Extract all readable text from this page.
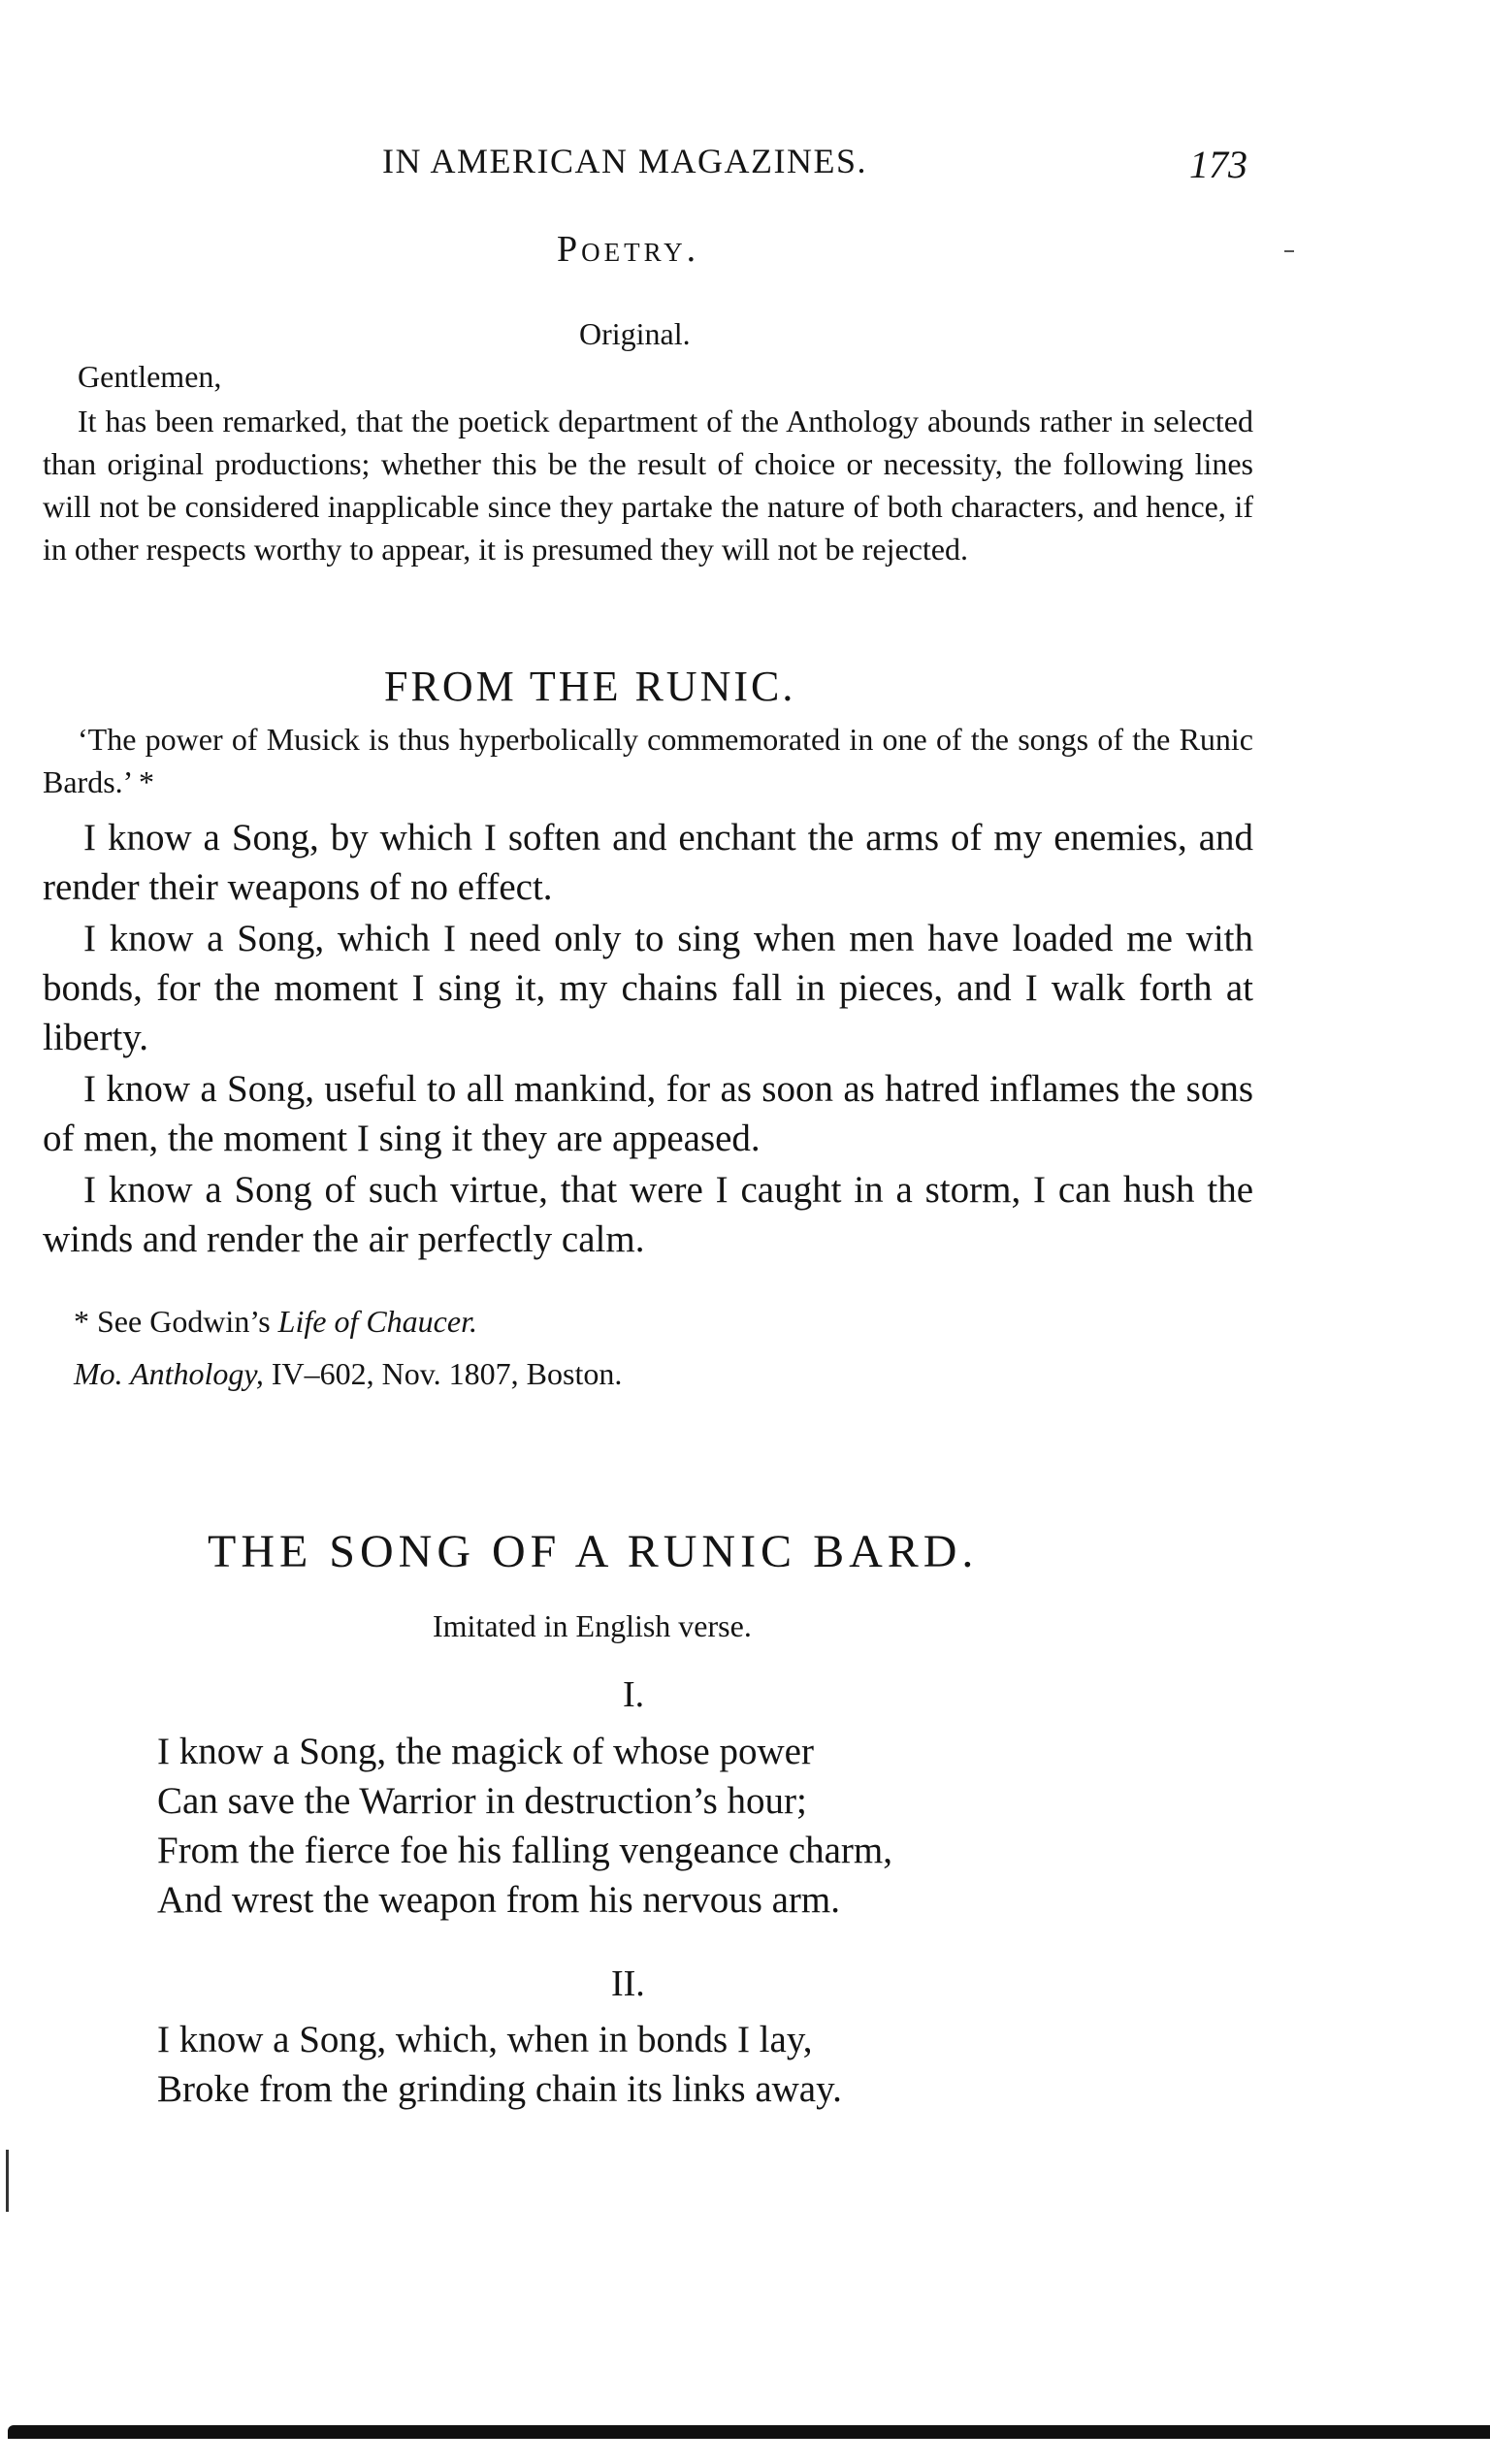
IN AMERICAN MAGAZINES.	173
Poetry.
Original.
Gentlemen,
It has been remarked, that the poetick department of the Anthology abounds rather in selected than original productions; whether this be the result of choice or necessity, the following lines will not be considered inapplicable since they partake the nature of both characters, and hence, if in other respects worthy to appear, it is presumed they will not be rejected.
FROM THE RUNIC.
‘The power of Musick is thus hyperbolically commemorated in one of the songs of the Runic Bards.’ *
I know a Song, by which I soften and enchant the arms of my enemies, and render their weapons of no effect.
I know a Song, which I need only to sing when men have loaded me with bonds, for the moment I sing it, my chains fall in pieces, and I walk forth at liberty.
I know a Song, useful to all mankind, for as soon as hatred inflames the sons of men, the moment I sing it they are appeased.
I know a Song of such virtue, that were I caught in a storm, I can hush the winds and render the air perfectly calm.
* See Godwin’s Life of Chaucer.
Mo. Anthology, IV–602, Nov. 1807, Boston.
THE SONG OF A RUNIC BARD.
Imitated in English verse.
I.
I know a Song, the magick of whose power
Can save the Warrior in destruction’s hour;
From the fierce foe his falling vengeance charm,
And wrest the weapon from his nervous arm.
II.
I know a Song, which, when in bonds I lay,
Broke from the grinding chain its links away.
